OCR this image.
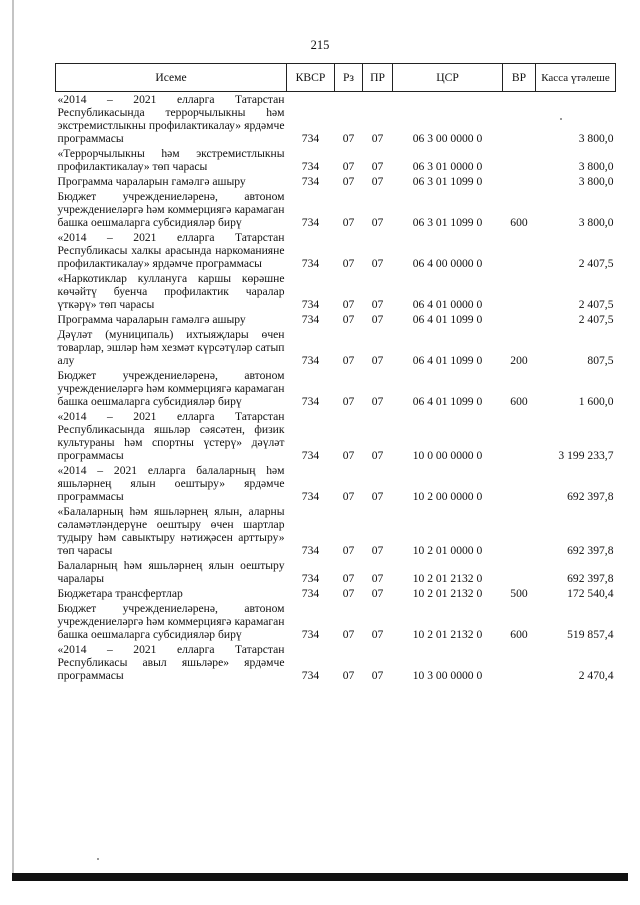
215
Исеме	КВСР	Рз	ПР	ЦСР	ВР	Касса үтәлеше
«2014 – 2021 елларга Татарстан Республикасында террорчылыкны һәм экстремистлыкны профилактикалау» ярдәмче программасы	734	07	07	06 3 00 0000 0		3 800,0
«Террорчылыкны һәм экстремистлыкны профилактикалау» төп чарасы	734	07	07	06 3 01 0000 0		3 800,0
Программа чараларын гамәлгә ашыру	734	07	07	06 3 01 1099 0		3 800,0
Бюджет учреждениеләренә, автоном учреждениеләргә һәм коммерциягә карамаган башка оешмаларга субсидияләр бирү	734	07	07	06 3 01 1099 0	600	3 800,0
«2014 – 2021 елларга Татарстан Республикасы халкы арасында наркоманияне профилактикалау» ярдәмче программасы	734	07	07	06 4 00 0000 0		2 407,5
«Наркотиклар куллануга каршы көрәшне көчәйтү буенча профилактик чаралар үткәрү» төп чарасы	734	07	07	06 4 01 0000 0		2 407,5
Программа чараларын гамәлгә ашыру	734	07	07	06 4 01 1099 0		2 407,5
Дәүләт (муниципаль) ихтыяҗлары өчен товарлар, эшләр һәм хезмәт күрсәтүләр сатып алу	734	07	07	06 4 01 1099 0	200	807,5
Бюджет учреждениеләренә, автоном учреждениеләргә һәм коммерциягә карамаган башка оешмаларга субсидияләр бирү	734	07	07	06 4 01 1099 0	600	1 600,0
«2014 – 2021 елларга Татарстан Республикасында яшьләр сәясәтен, физик культураны һәм спортны үстерү» дәүләт программасы	734	07	07	10 0 00 0000 0		3 199 233,7
«2014 – 2021 елларга балаларның һәм яшьләрнең ялын оештыру» ярдәмче программасы	734	07	07	10 2 00 0000 0		692 397,8
«Балаларның һәм яшьләрнең ялын, аларны сәламәтләндерүне оештыру өчен шартлар тудыру һәм савыктыру нәтиҗәсен арттыру» төп чарасы	734	07	07	10 2 01 0000 0		692 397,8
Балаларның һәм яшьләрнең ялын оештыру чаралары	734	07	07	10 2 01 2132 0		692 397,8
Бюджетара трансфертлар	734	07	07	10 2 01 2132 0	500	172 540,4
Бюджет учреждениеләренә, автоном учреждениеләргә һәм коммерциягә карамаган башка оешмаларга субсидияләр бирү	734	07	07	10 2 01 2132 0	600	519 857,4
«2014 – 2021 елларга Татарстан Республикасы авыл яшьләре» ярдәмче программасы	734	07	07	10 3 00 0000 0		2 470,4
